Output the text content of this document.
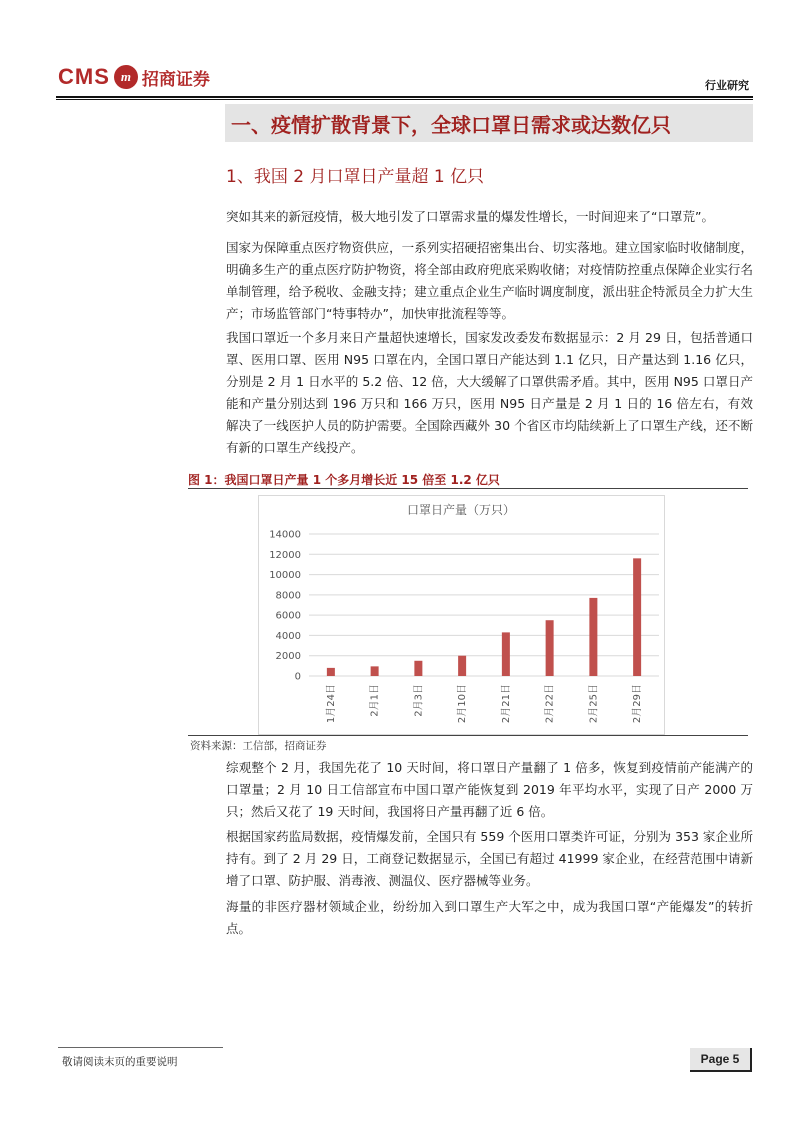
CMS m 招商证券	行业研究
一、疫情扩散背景下，全球口罩日需求或达数亿只
1、我国 2 月口罩日产量超 1 亿只
突如其来的新冠疫情，极大地引发了口罩需求量的爆发性增长，一时间迎来了“口罩荒”。
国家为保障重点医疗物资供应，一系列实招硬招密集出台、切实落地。建立国家临时收储制度，明确多生产的重点医疗防护物资，将全部由政府兜底采购收储；对疫情防控重点保障企业实行名单制管理，给予税收、金融支持；建立重点企业生产临时调度制度，派出驻企特派员全力扩大生产；市场监管部门“特事特办”，加快审批流程等等。
我国口罩近一个多月来日产量超快速增长，国家发改委发布数据显示：2 月 29 日，包括普通口罩、医用口罩、医用 N95 口罩在内，全国口罩日产能达到 1.1 亿只，日产量达到 1.16 亿只，分别是 2 月 1 日水平的 5.2 倍、12 倍，大大缓解了口罩供需矛盾。其中，医用 N95 口罩日产能和产量分别达到 196 万只和 166 万只，医用 N95 日产量是 2 月 1 日的 16 倍左右，有效解决了一线医护人员的防护需要。全国除西藏外 30 个省区市均陆续新上了口罩生产线，还不断有新的口罩生产线投产。
图 1：我国口罩日产量 1 个多月增长近 15 倍至 1.2 亿只
口罩日产量（万只）
0
2000
4000
6000
8000
10000
12000
14000
1月24日	2月1日	2月3日	2月10日	2月21日	2月22日	2月25日	2月29日
资料来源：工信部，招商证券
综观整个 2 月，我国先花了 10 天时间，将口罩日产量翻了 1 倍多，恢复到疫情前产能满产的口罩量；2 月 10 日工信部宣布中国口罩产能恢复到 2019 年平均水平，实现了日产 2000 万只；然后又花了 19 天时间，我国将日产量再翻了近 6 倍。
根据国家药监局数据，疫情爆发前，全国只有 559 个医用口罩类许可证，分别为 353 家企业所持有。到了 2 月 29 日，工商登记数据显示，全国已有超过 41999 家企业，在经营范围中请新增了口罩、防护服、消毒液、测温仪、医疗器械等业务。
海量的非医疗器材领域企业，纷纷加入到口罩生产大军之中，成为我国口罩“产能爆发”的转折点。
敬请阅读末页的重要说明	Page 5
